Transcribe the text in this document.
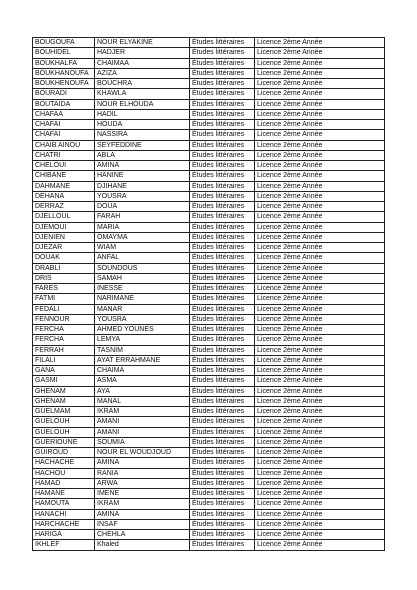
BOUGOUFA	NOUR ELYAKINE	Études littéraires	Licence 2ème Année
BOUHIDEL	HADJER	Études littéraires	Licence 2ème Année
BOUKHALFA	CHAIMAA	Études littéraires	Licence 2ème Année
BOUKHANOUFA	AZIZA	Études littéraires	Licence 2ème Année
BOUKHENOUFA	BOUCHRA	Études littéraires	Licence 2ème Année
BOURADI	KHAWLA	Études littéraires	Licence 2ème Année
BOUTAIDA	NOUR ELHOUDA	Études littéraires	Licence 2ème Année
CHAFAA	HADIL	Études littéraires	Licence 2ème Année
CHAFAI	HOUDA	Études littéraires	Licence 2ème Année
CHAFAI	NASSIRA	Études littéraires	Licence 2ème Année
CHAIB AINOU	SEYFEDDINE	Études littéraires	Licence 2ème Année
CHATRI	ABLA	Études littéraires	Licence 2ème Année
CHELOUI	AMINA	Études littéraires	Licence 2ème Année
CHIBANE	HANINE	Études littéraires	Licence 2ème Année
DAHMANE	DJIHANE	Études littéraires	Licence 2ème Année
DEHANA	YOUSRA	Études littéraires	Licence 2ème Année
DERRAZ	DOUA	Études littéraires	Licence 2ème Année
DJELLOUL	FARAH	Études littéraires	Licence 2ème Année
DJEMOUI	MARIA	Études littéraires	Licence 2ème Année
DJENIEN	OMAYMA	Études littéraires	Licence 2ème Année
DJEZAR	WIAM	Études littéraires	Licence 2ème Année
DOUAK	ANFAL	Études littéraires	Licence 2ème Année
DRABLI	SOUNDOUS	Études littéraires	Licence 2ème Année
DRIS	SAMAH	Études littéraires	Licence 2ème Année
FARES	INESSE	Études littéraires	Licence 2ème Année
FATMI	NARIMANE	Études littéraires	Licence 2ème Année
FEDALI	MANAR	Études littéraires	Licence 2ème Année
FENNOUR	YOUSRA	Études littéraires	Licence 2ème Année
FERCHA	AHMED YOUNES	Études littéraires	Licence 2ème Année
FERCHA	LEMYA	Études littéraires	Licence 2ème Année
FERRAH	TASNIM	Études littéraires	Licence 2ème Année
FILALI	AYAT ERRAHMANE	Études littéraires	Licence 2ème Année
GANA	CHAIMA	Études littéraires	Licence 2ème Année
GASMI	ASMA	Études littéraires	Licence 2ème Année
GHENAM	AYA	Études littéraires	Licence 2ème Année
GHENAM	MANAL	Études littéraires	Licence 2ème Année
GUELMAM	IKRAM	Études littéraires	Licence 2ème Année
GUELOUH	AMANI	Études littéraires	Licence 2ème Année
GUELOUH	AMANI	Études littéraires	Licence 2ème Année
GUERIOUNE	SOUMIA	Études littéraires	Licence 2ème Année
GUIROUD	NOUR EL WOUDJOUD	Études littéraires	Licence 2ème Année
HACHACHE	AMINA	Études littéraires	Licence 2ème Année
HACHOU	RANIA	Études littéraires	Licence 2ème Année
HAMAD	ARWA	Études littéraires	Licence 2ème Année
HAMANE	IMENE	Études littéraires	Licence 2ème Année
HAMOUTA	IKRAM	Études littéraires	Licence 2ème Année
HANACHI	AMINA	Études littéraires	Licence 2ème Année
HARCHACHE	INSAF	Études littéraires	Licence 2ème Année
HARIGA	CHEHLA	Études littéraires	Licence 2ème Année
IKHLEF	Khaled	Études littéraires	Licence 2ème Année
